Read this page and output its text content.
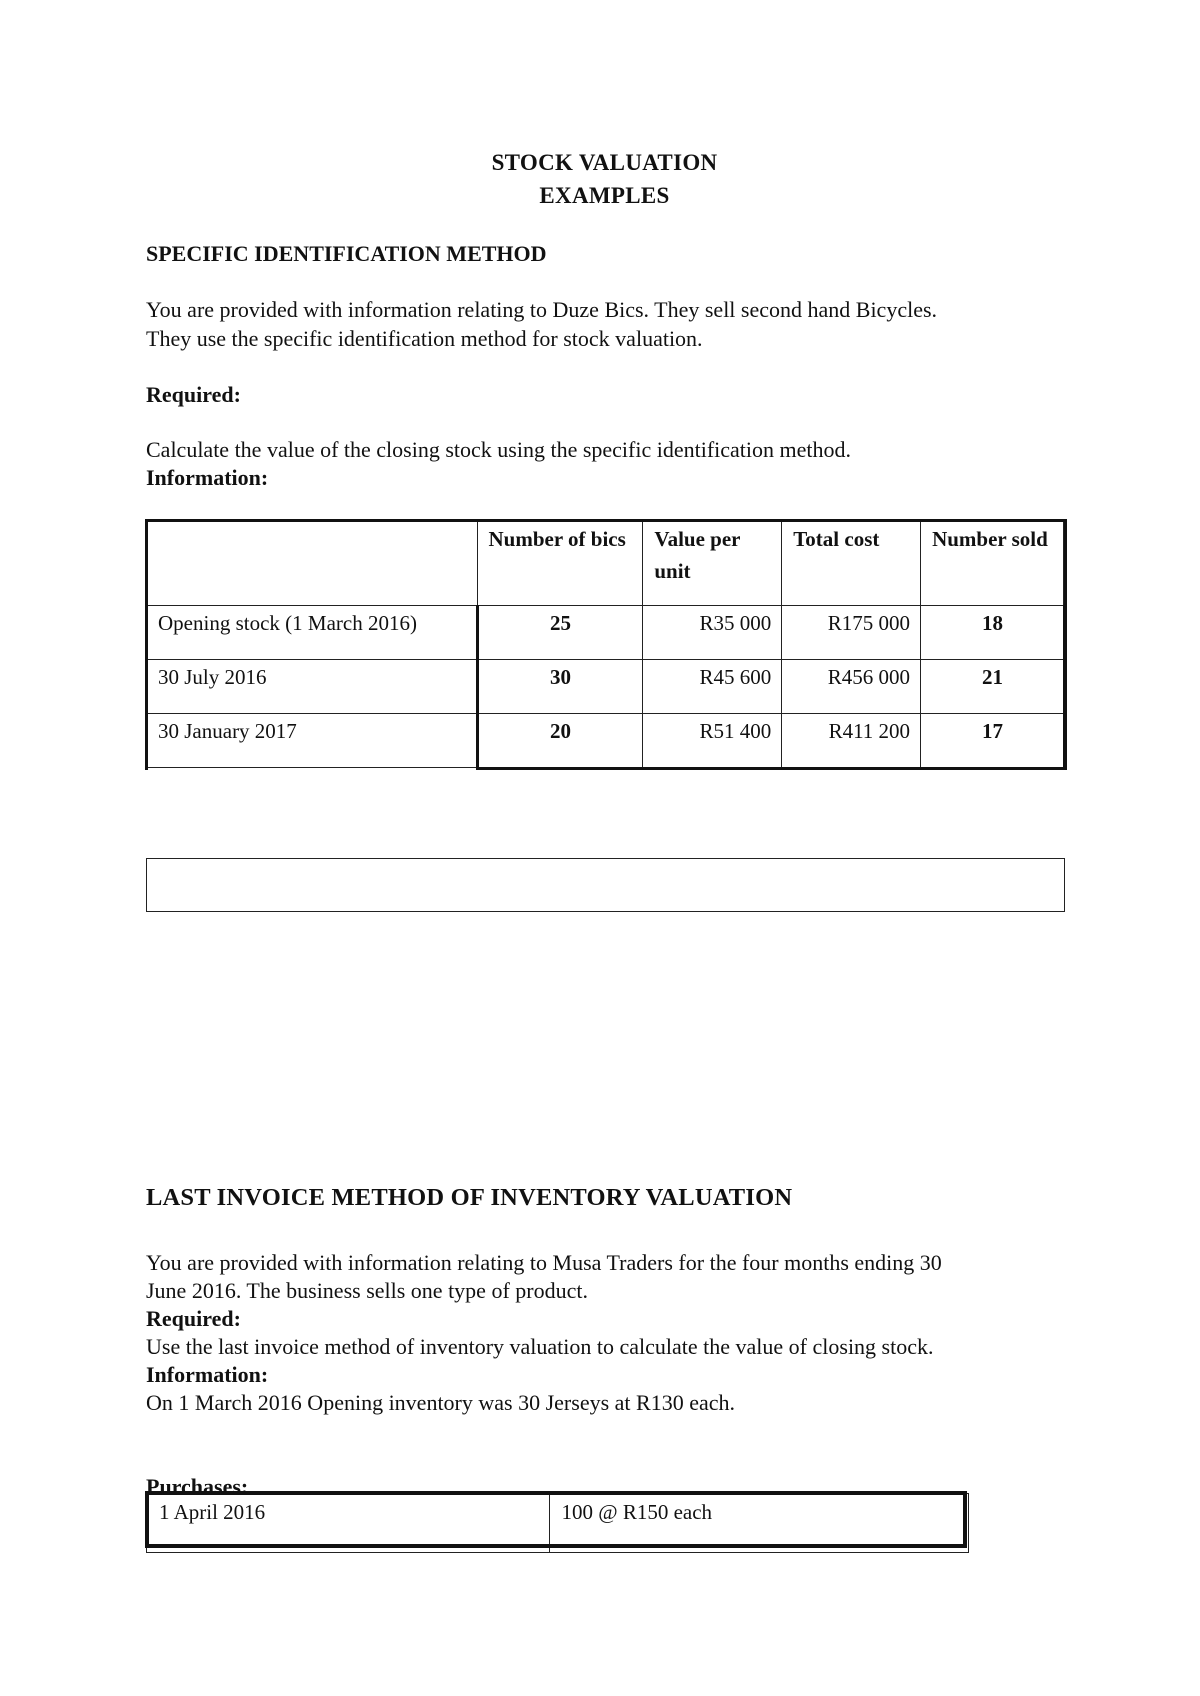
STOCK VALUATION

EXAMPLES

SPECIFIC IDENTIFICATION METHOD

You are provided with information relating to Duze Bics. They sell second hand Bicycles.

They use the specific identification method for stock valuation.

Required:

Calculate the value of the closing stock using the specific identification method.

Information:

	Number of bics	Value per unit	Total cost	Number sold
Opening stock (1 March 2016)	25	R35 000	R175 000	18
30 July 2016	30	R45 600	R456 000	21
30 January 2017	20	R51 400	R411 200	17

LAST INVOICE METHOD OF INVENTORY VALUATION

You are provided with information relating to Musa Traders for the four months ending 30

June 2016. The business sells one type of product.

Required:

Use the last invoice method of inventory valuation to calculate the value of closing stock.

Information:

On 1 March 2016 Opening inventory was 30 Jerseys at R130 each.

Purchases:

1 April 2016	100 @ R150 each
